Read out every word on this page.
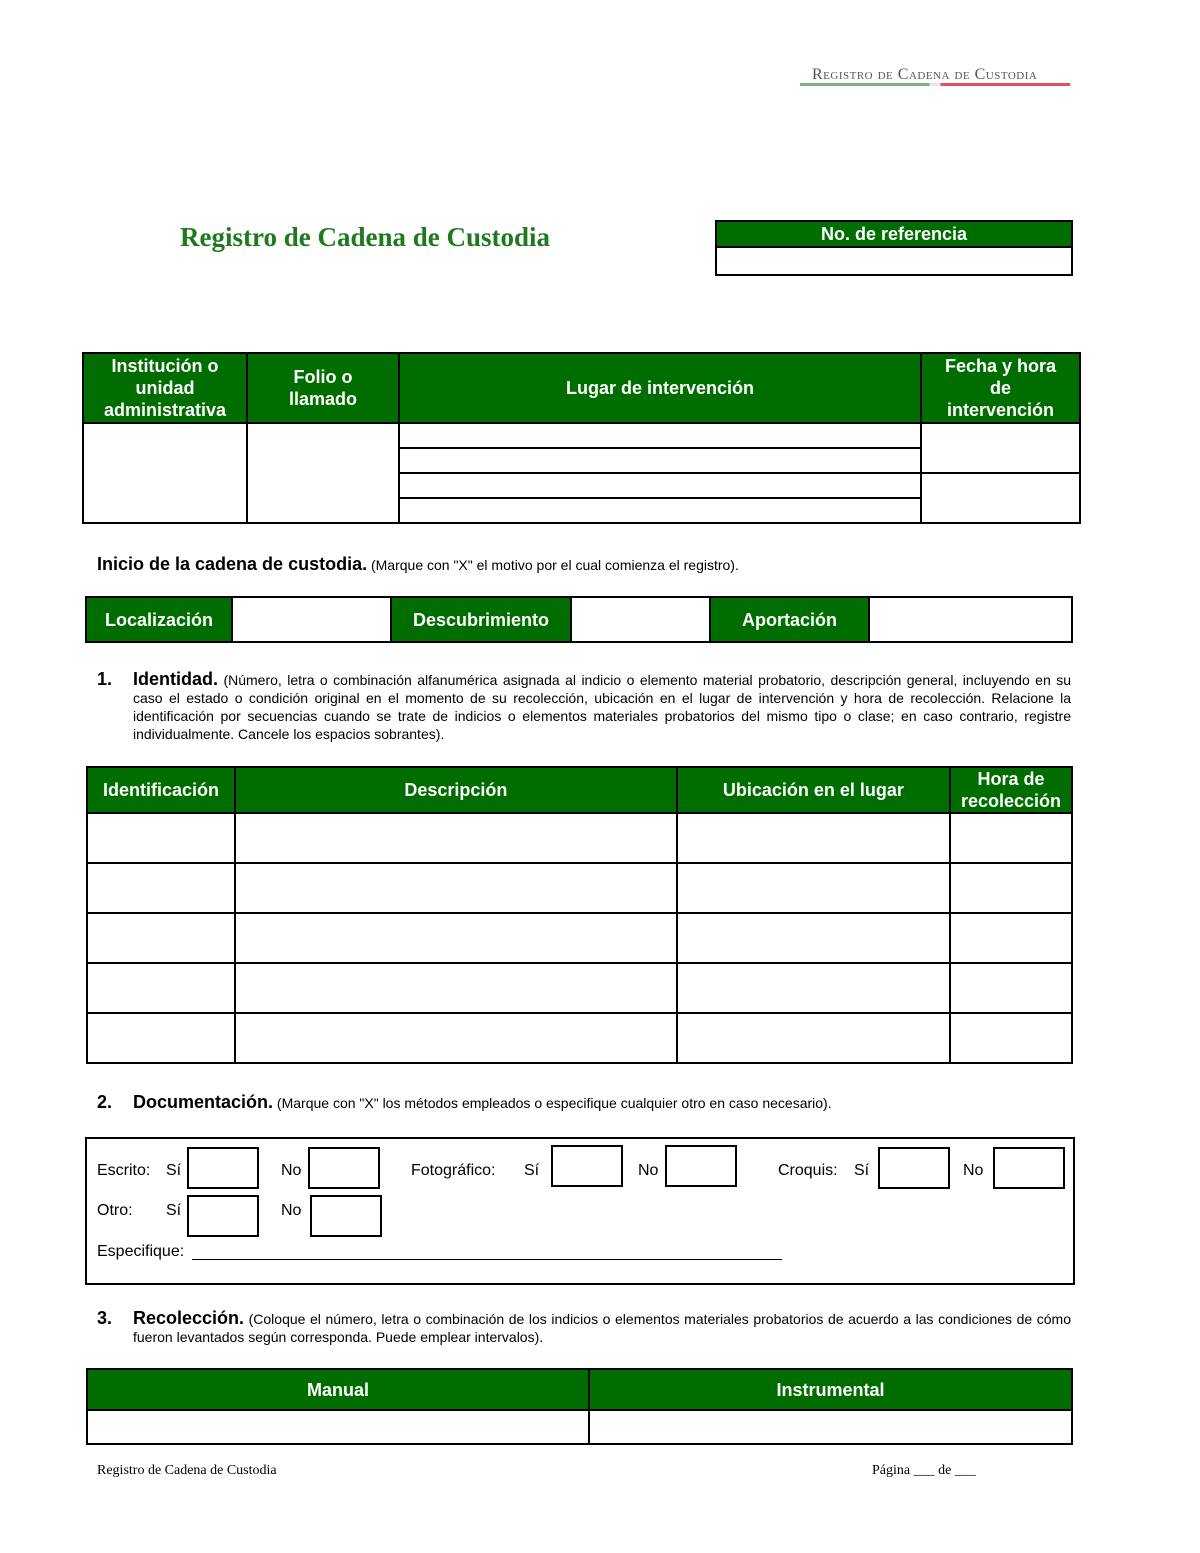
Registro de Cadena de Custodia
Registro de Cadena de Custodia	No. de referencia
Institución o unidad administrativa	Folio o llamado	Lugar de intervención	Fecha y hora de intervención

Inicio de la cadena de custodia. (Marque con "X" el motivo por el cual comienza el registro).
Localización		Descubrimiento		Aportación	
1. Identidad. (Número, letra o combinación alfanumérica asignada al indicio o elemento material probatorio, descripción general, incluyendo en su caso el estado o condición original en el momento de su recolección, ubicación en el lugar de intervención y hora de recolección. Relacione la identificación por secuencias cuando se trate de indicios o elementos materiales probatorios del mismo tipo o clase; en caso contrario, registre individualmente. Cancele los espacios sobrantes).
Identificación	Descripción	Ubicación en el lugar	Hora de recolección

2. Documentación. (Marque con "X" los métodos empleados o especifique cualquier otro en caso necesario).
Escrito: Sí	No	Fotográfico: Sí	No	Croquis: Sí	No
Otro: Sí	No
Especifique:
3. Recolección. (Coloque el número, letra o combinación de los indicios o elementos materiales probatorios de acuerdo a las condiciones de cómo fueron levantados según corresponda. Puede emplear intervalos).
Manual	Instrumental

Registro de Cadena de Custodia	Página ___ de ___
